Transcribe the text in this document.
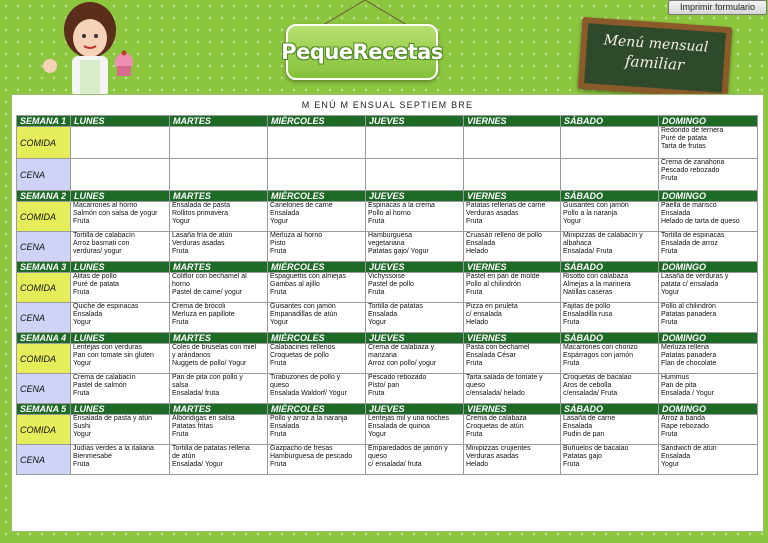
Imprimir formulario
PequeRecetas	Menú mensual
familiar
M ENÚ M ENSUAL SEPTIEM BRE
SEMANA 1	LUNES	MARTES	MIÉRCOLES	JUEVES	VIERNES	SÁBADO	DOMINGO
COMIDA							Redondo de ternera
Puré de patata
Tarta de frutas

CENA							Crema de zanahoria
Pescado rebozado
Fruta

SEMANA 2	LUNES	MARTES	MIÉRCOLES	JUEVES	VIERNES	SÁBADO	DOMINGO
COMIDA	Macarrones al horno
Salmón con salsa de yogur
Fruta	Ensalada de pasta
Rollitos primavera
Yogur	Canelones de carne
Ensalada
Yogur	Espinacas a la crema
Pollo al horno
Fruta	Patatas rellenas de carne
Verduras asadas
Fruta	Guisantes con jamón
Pollo a la naranja
Yogur	Paella de marisco
Ensalada
Helado de tarta de queso

CENA	Tortilla de calabacín
Arroz basmati con
verduras/ yogur	Lasaña fría de atún
Verduras asadas
Fruta	Merluza al horno
Pisto
Fruta	Hamburguesa
vegetariana
Patatas gajo/ Yogur	Cruasán relleno de pollo
Ensalada
Helado	Minipizzas de calabacín y
albahaca
Ensalada/ Fruta	Tortilla de espinacas
Ensalada de arroz
Fruta

SEMANA 3	LUNES	MARTES	MIÉRCOLES	JUEVES	VIERNES	SÁBADO	DOMINGO
COMIDA	Alitas de pollo
Puré de patata
Fruta	Coliflor con bechamel al
horno
Pastel de carne/ yogur	Espaguettis con almejas
Gambas al ajillo
Fruta	Vichyssoise
Pastel de pollo
Fruta	Pastel en pan de molde
Pollo al chilindrón
Fruta	Risotto con calabaza
Almejas a la marinera
Natillas caseras	Lasaña de verduras y
patata c/ ensalada
Yogur

CENA	Quiche de espinacas
Ensalada
Yogur	Crema de brócoli
Merluza en papillote
Fruta	Guisantes con jamón
Empanadillas de atún
Yogur	Tortilla de patatas
Ensalada
Yogur	Pizza en piruleta
c/ ensalada
Helado	Fajitas de pollo
Ensaladilla rusa
Fruta	Pollo al chilindrón
Patatas panadera
Fruta

SEMANA 4	LUNES	MARTES	MIÉRCOLES	JUEVES	VIERNES	SÁBADO	DOMINGO
COMIDA	Lentejas con verduras
Pan con tomate sin gluten
Yogur	Coles de bruselas con miel
y arándanos
Nuggets de pollo/ Yogur	Calabacines rellenos
Croquetas de pollo
Fruta	Crema de calabaza y
manzana
Arroz con pollo/ yogur	Pasta con bechamel
Ensalada César
Fruta	Macarrones con chorizo
Espárragos con jamón
Fruta	Merluza rellena
Patatas panadera
Flan de chocolate

CENA	Crema de calabacín
Pastel de salmón
Fruta	Pan de pita con pollo y
salsa
Ensalada/ fruta	Tirabuzones de pollo y
queso
Ensalada Waldorf/ Yogur	Pescado rebozado
Pisto/ pan
Fruta	Tarta salada de tomate y
queso
c/ensalada/ helado	Croquetas de bacalao
Aros de cebolla
c/ensalada/ Fruta	Hummus
Pan de pita
Ensalada / Yogur

SEMANA 5	LUNES	MARTES	MIÉRCOLES	JUEVES	VIERNES	SÁBADO	DOMINGO
COMIDA	Ensalada de pasta y atún
Sushi
Yogur	Albóndigas en salsa
Patatas fritas
Fruta	Pollo y arroz a la naranja
Ensalada
Fruta	Lentejas mil y una noches
Ensalada de quinoa
Yogur	Crema de calabaza
Croquetas de atún
Fruta	Lasaña de carne
Ensalada
Pudin de pan	Arroz a banda
Rape rebozado
Fruta

CENA	Judías verdes a la italiana
Bienmesabe
Fruta	Tortilla de patatas rellena
de atún
Ensalada/ Yogur	Gazpacho de fresas
Hamburguesa de pescado
Fruta	Emparedados de jamón y
queso
c/ ensalada/ fruta	Minipizzas crujientes
Verduras asadas
Helado	Buñuelos de bacalao
Patatas gajo
Fruta	Sándwich de atún
Ensalada
Yogur
